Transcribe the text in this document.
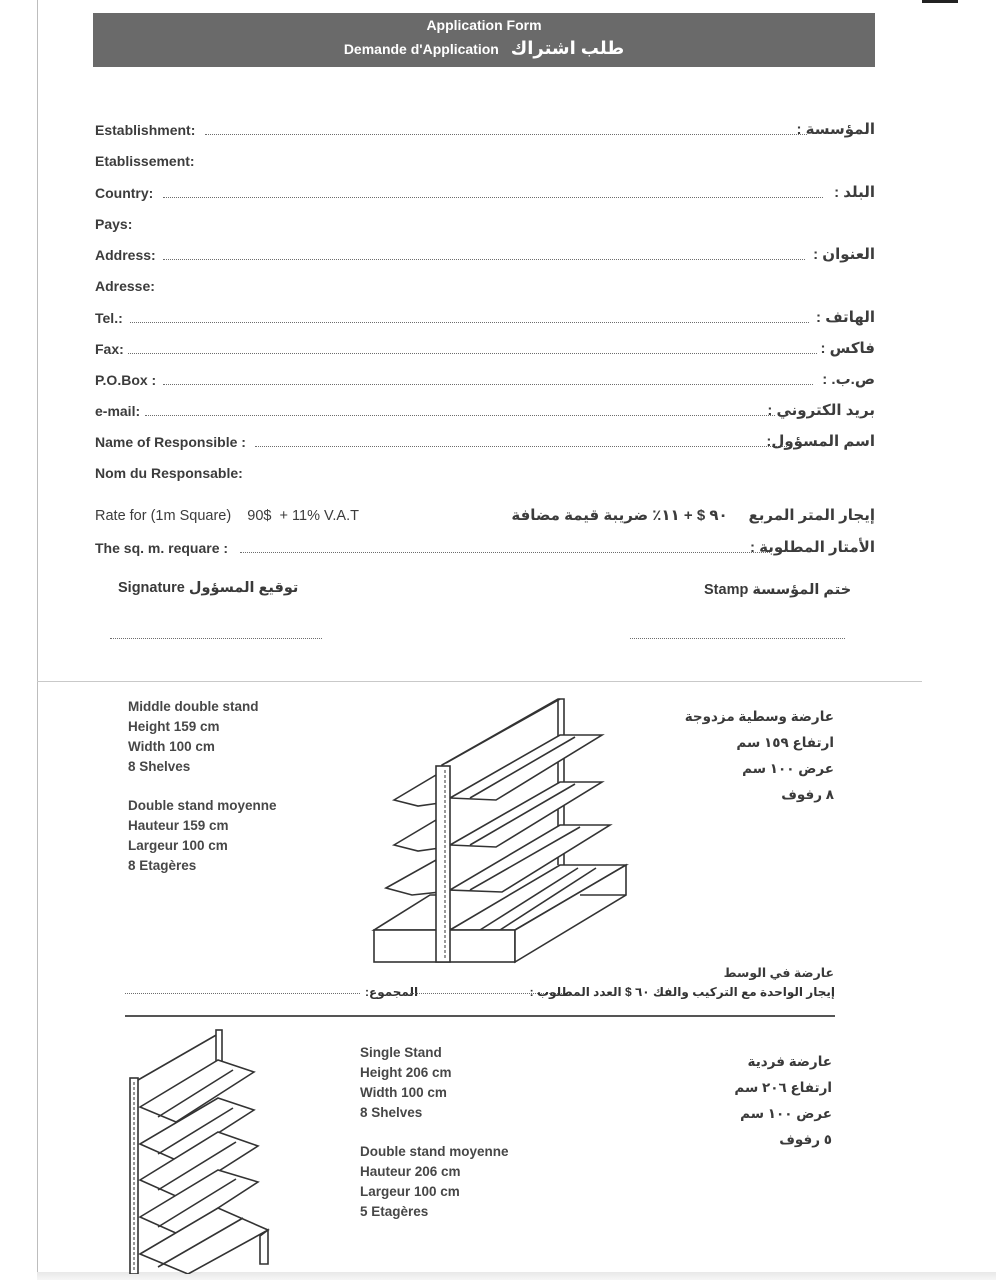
Application Form
Demande d'Application طلب اشتراك
Establishment:	المؤسسة :
Etablissement:
Country:	البلد :
Pays:
Address:	العنوان :
Adresse:
Tel.:	الهاتف :
Fax:	فاكس :
P.O.Box :	ص.ب. :
e-mail:	بريد الكتروني :
Name of Responsible :	اسم المسؤول:
Nom du Responsable:
Rate for (1m Square)    90$  + 11% V.A.T	إيجار المتر المربع     ٩٠ $ + ١١٪ ضريبة قيمة مضافة
The sq. m. requare :	الأمتار المطلوبة :
Signature توقيع المسؤول	ختم المؤسسة Stamp
Middle double stand
Height 159 cm
Width 100 cm
8 Shelves
Double stand moyenne
Hauteur 159 cm
Largeur 100 cm
8 Etagères
عارضة وسطية مزدوجة
ارتفاع ١٥٩ سم
عرض ١٠٠ سم
٨ رفوف
عارضة في الوسط
المجموع:	إيجار الواحدة مع التركيب والفك ٦٠ $ العدد المطلوب :
Single Stand
Height 206 cm
Width 100 cm
8 Shelves
Double stand moyenne
Hauteur 206 cm
Largeur 100 cm
5 Etagères
عارضة فردية
ارتفاع ٢٠٦ سم
عرض ١٠٠ سم
٥ رفوف
